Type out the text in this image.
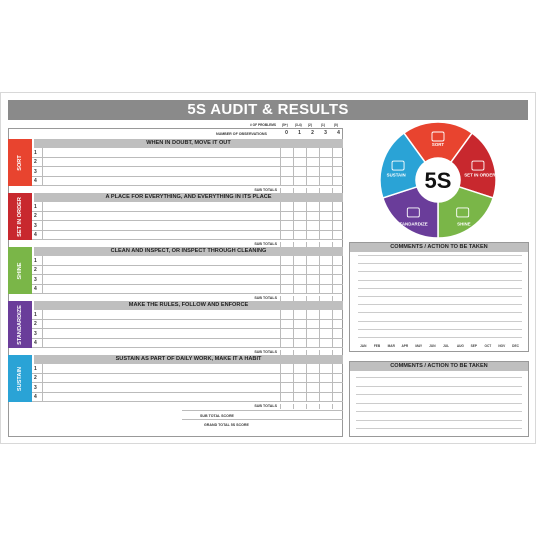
5S AUDIT & RESULTS
SORT
SET IN ORDER
SHINE
STANDARDIZE
SUSTAIN 5S
COMMENTS / ACTION TO BE TAKEN
JAN FEB MAR APR MAY JUN JUL AUG SEP OCT NOV DEC
COMMENTS / ACTION TO BE TAKEN
# OF PROBLEMS (5+) (3-4) (2)	(1)	(0)
NUMBER OF OBSERVATIONS	0	1	2	3	4
WHEN IN DOUBT, MOVE IT OUT
1
2
3
4
SUB TOTALS
SORT
A PLACE FOR EVERYTHING, AND EVERYTHING IN ITS PLACE
1
2
3
4
SUB TOTALS
SET IN ORDER
CLEAN AND INSPECT, OR INSPECT THROUGH CLEANING
1
2
3
4
SUB TOTALS
SHINE
MAKE THE RULES, FOLLOW AND ENFORCE
1
2
3
4
SUB TOTALS
STANDARDIZE
SUSTAIN AS PART OF DAILY WORK, MAKE IT A HABIT
1
2
3
4
SUB TOTALS
SUSTAIN
SUB TOTAL SCORE
GRAND TOTAL 5S SCORE
